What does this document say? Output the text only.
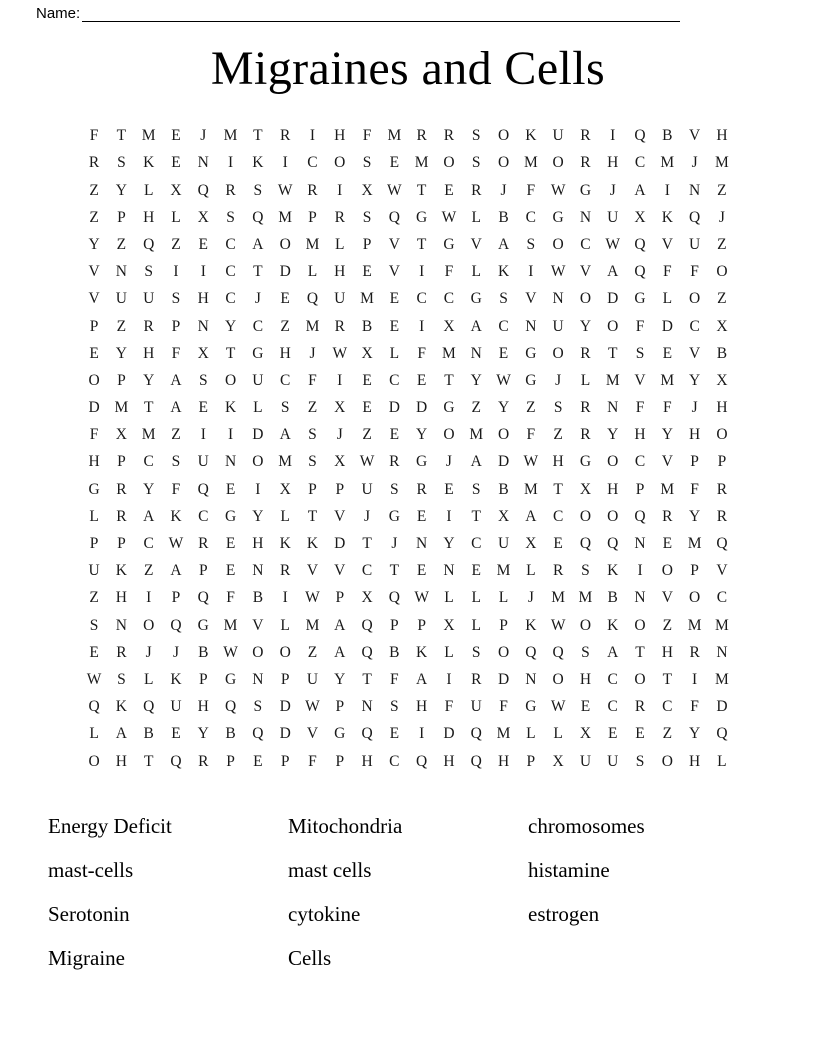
Name:
Migraines and Cells
F	T	M	E	J	M	T	R	I	H	F	M	R	R	S	O	K	U	R	I	Q	B	V	H
R	S	K	E	N	I	K	I	C	O	S	E	M	O	S	O	M	O	R	H	C	M	J	M
Z	Y	L	X	Q	R	S	W	R	I	X	W	T	E	R	J	F	W	G	J	A	I	N	Z
Z	P	H	L	X	S	Q	M	P	R	S	Q	G	W	L	B	C	G	N	U	X	K	Q	J
Y	Z	Q	Z	E	C	A	O	M	L	P	V	T	G	V	A	S	O	C	W	Q	V	U	Z
V	N	S	I	I	C	T	D	L	H	E	V	I	F	L	K	I	W	V	A	Q	F	F	O
V	U	U	S	H	C	J	E	Q	U	M	E	C	C	G	S	V	N	O	D	G	L	O	Z
P	Z	R	P	N	Y	C	Z	M	R	B	E	I	X	A	C	N	U	Y	O	F	D	C	X
E	Y	H	F	X	T	G	H	J	W	X	L	F	M	N	E	G	O	R	T	S	E	V	B
O	P	Y	A	S	O	U	C	F	I	E	C	E	T	Y	W	G	J	L	M	V	M	Y	X
D	M	T	A	E	K	L	S	Z	X	E	D	D	G	Z	Y	Z	S	R	N	F	F	J	H
F	X	M	Z	I	I	D	A	S	J	Z	E	Y	O	M	O	F	Z	R	Y	H	Y	H	O
H	P	C	S	U	N	O	M	S	X	W	R	G	J	A	D	W	H	G	O	C	V	P	P
G	R	Y	F	Q	E	I	X	P	P	U	S	R	E	S	B	M	T	X	H	P	M	F	R
L	R	A	K	C	G	Y	L	T	V	J	G	E	I	T	X	A	C	O	O	Q	R	Y	R
P	P	C	W	R	E	H	K	K	D	T	J	N	Y	C	U	X	E	Q	Q	N	E	M	Q
U	K	Z	A	P	E	N	R	V	V	C	T	E	N	E	M	L	R	S	K	I	O	P	V
Z	H	I	P	Q	F	B	I	W	P	X	Q	W	L	L	L	J	M	M	B	N	V	O	C
S	N	O	Q	G	M	V	L	M	A	Q	P	P	X	L	P	K	W	O	K	O	Z	M	M
E	R	J	J	B	W	O	O	Z	A	Q	B	K	L	S	O	Q	Q	S	A	T	H	R	N
W	S	L	K	P	G	N	P	U	Y	T	F	A	I	R	D	N	O	H	C	O	T	I	M
Q	K	Q	U	H	Q	S	D	W	P	N	S	H	F	U	F	G	W	E	C	R	C	F	D
L	A	B	E	Y	B	Q	D	V	G	Q	E	I	D	Q	M	L	L	X	E	E	Z	Y	Q
O	H	T	Q	R	P	E	P	F	P	H	C	Q	H	Q	H	P	X	U	U	S	O	H	L
Energy Deficit	Mitochondria	chromosomes
mast-cells	mast cells	histamine
Serotonin	cytokine	estrogen
Migraine	Cells
